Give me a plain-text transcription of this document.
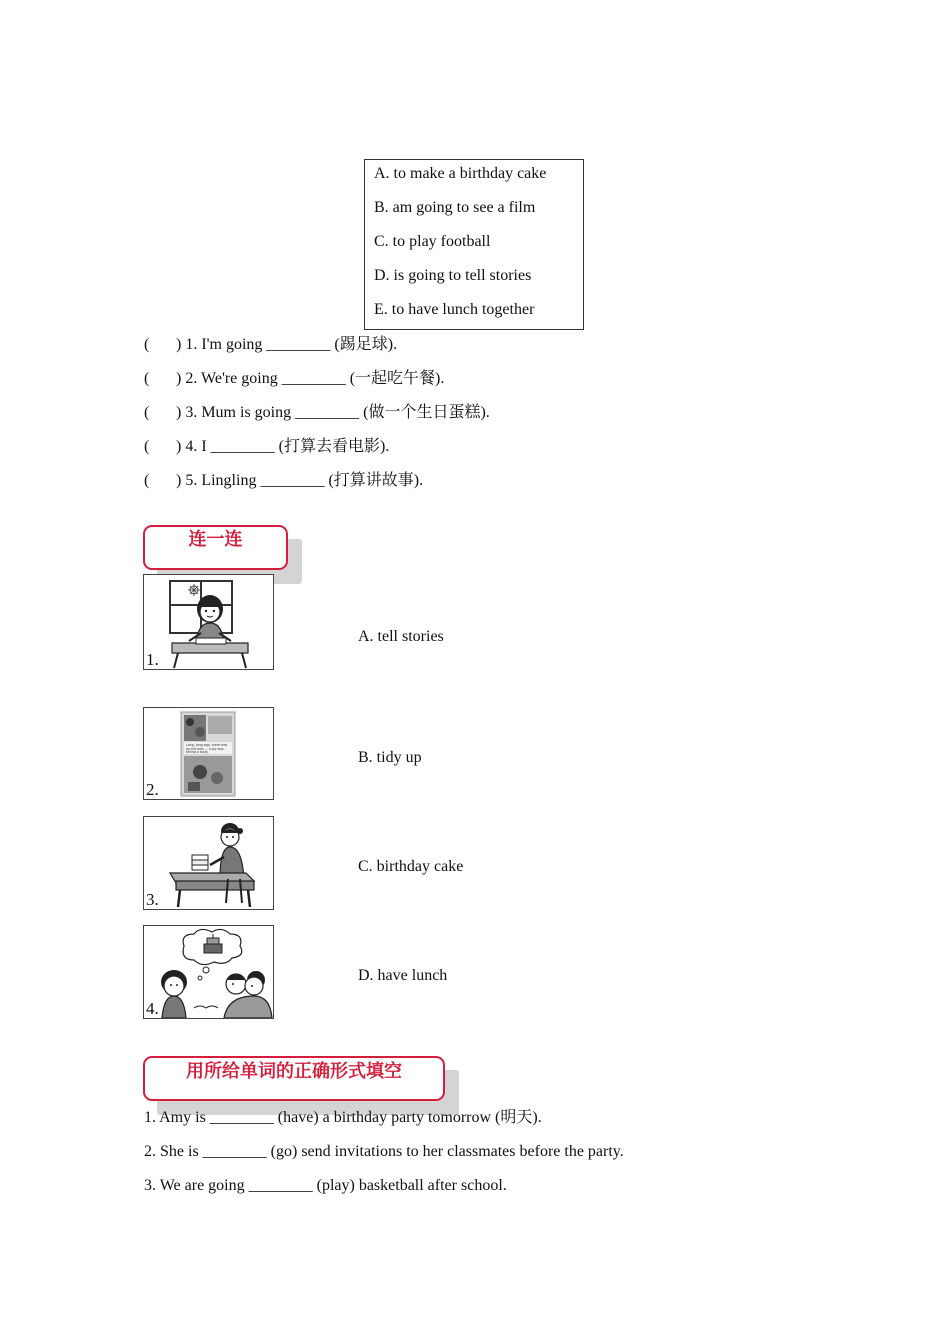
A. to make a birthday cake
B. am going to see a film
C. to play football
D. is going to tell stories
E. to have lunch together
( ) 1. I'm going ________ (踢足球).
( ) 2. We're going ________ (一起吃午餐).
( ) 3. Mum is going ________ (做一个生日蛋糕).
( ) 4. I ________ (打算去看电影).
( ) 5. Lingling ________ (打算讲故事).
连一连
1.
A. tell stories
Long, long ago, there was an old man ... Lucy was telling a story.
2.
B. tidy up
3.
C. birthday cake
4.
D. have lunch
用所给单词的正确形式填空
1. Amy is ________ (have) a birthday party tomorrow (明天).
2. She is ________ (go) send invitations to her classmates before the party.
3. We are going ________ (play) basketball after school.
